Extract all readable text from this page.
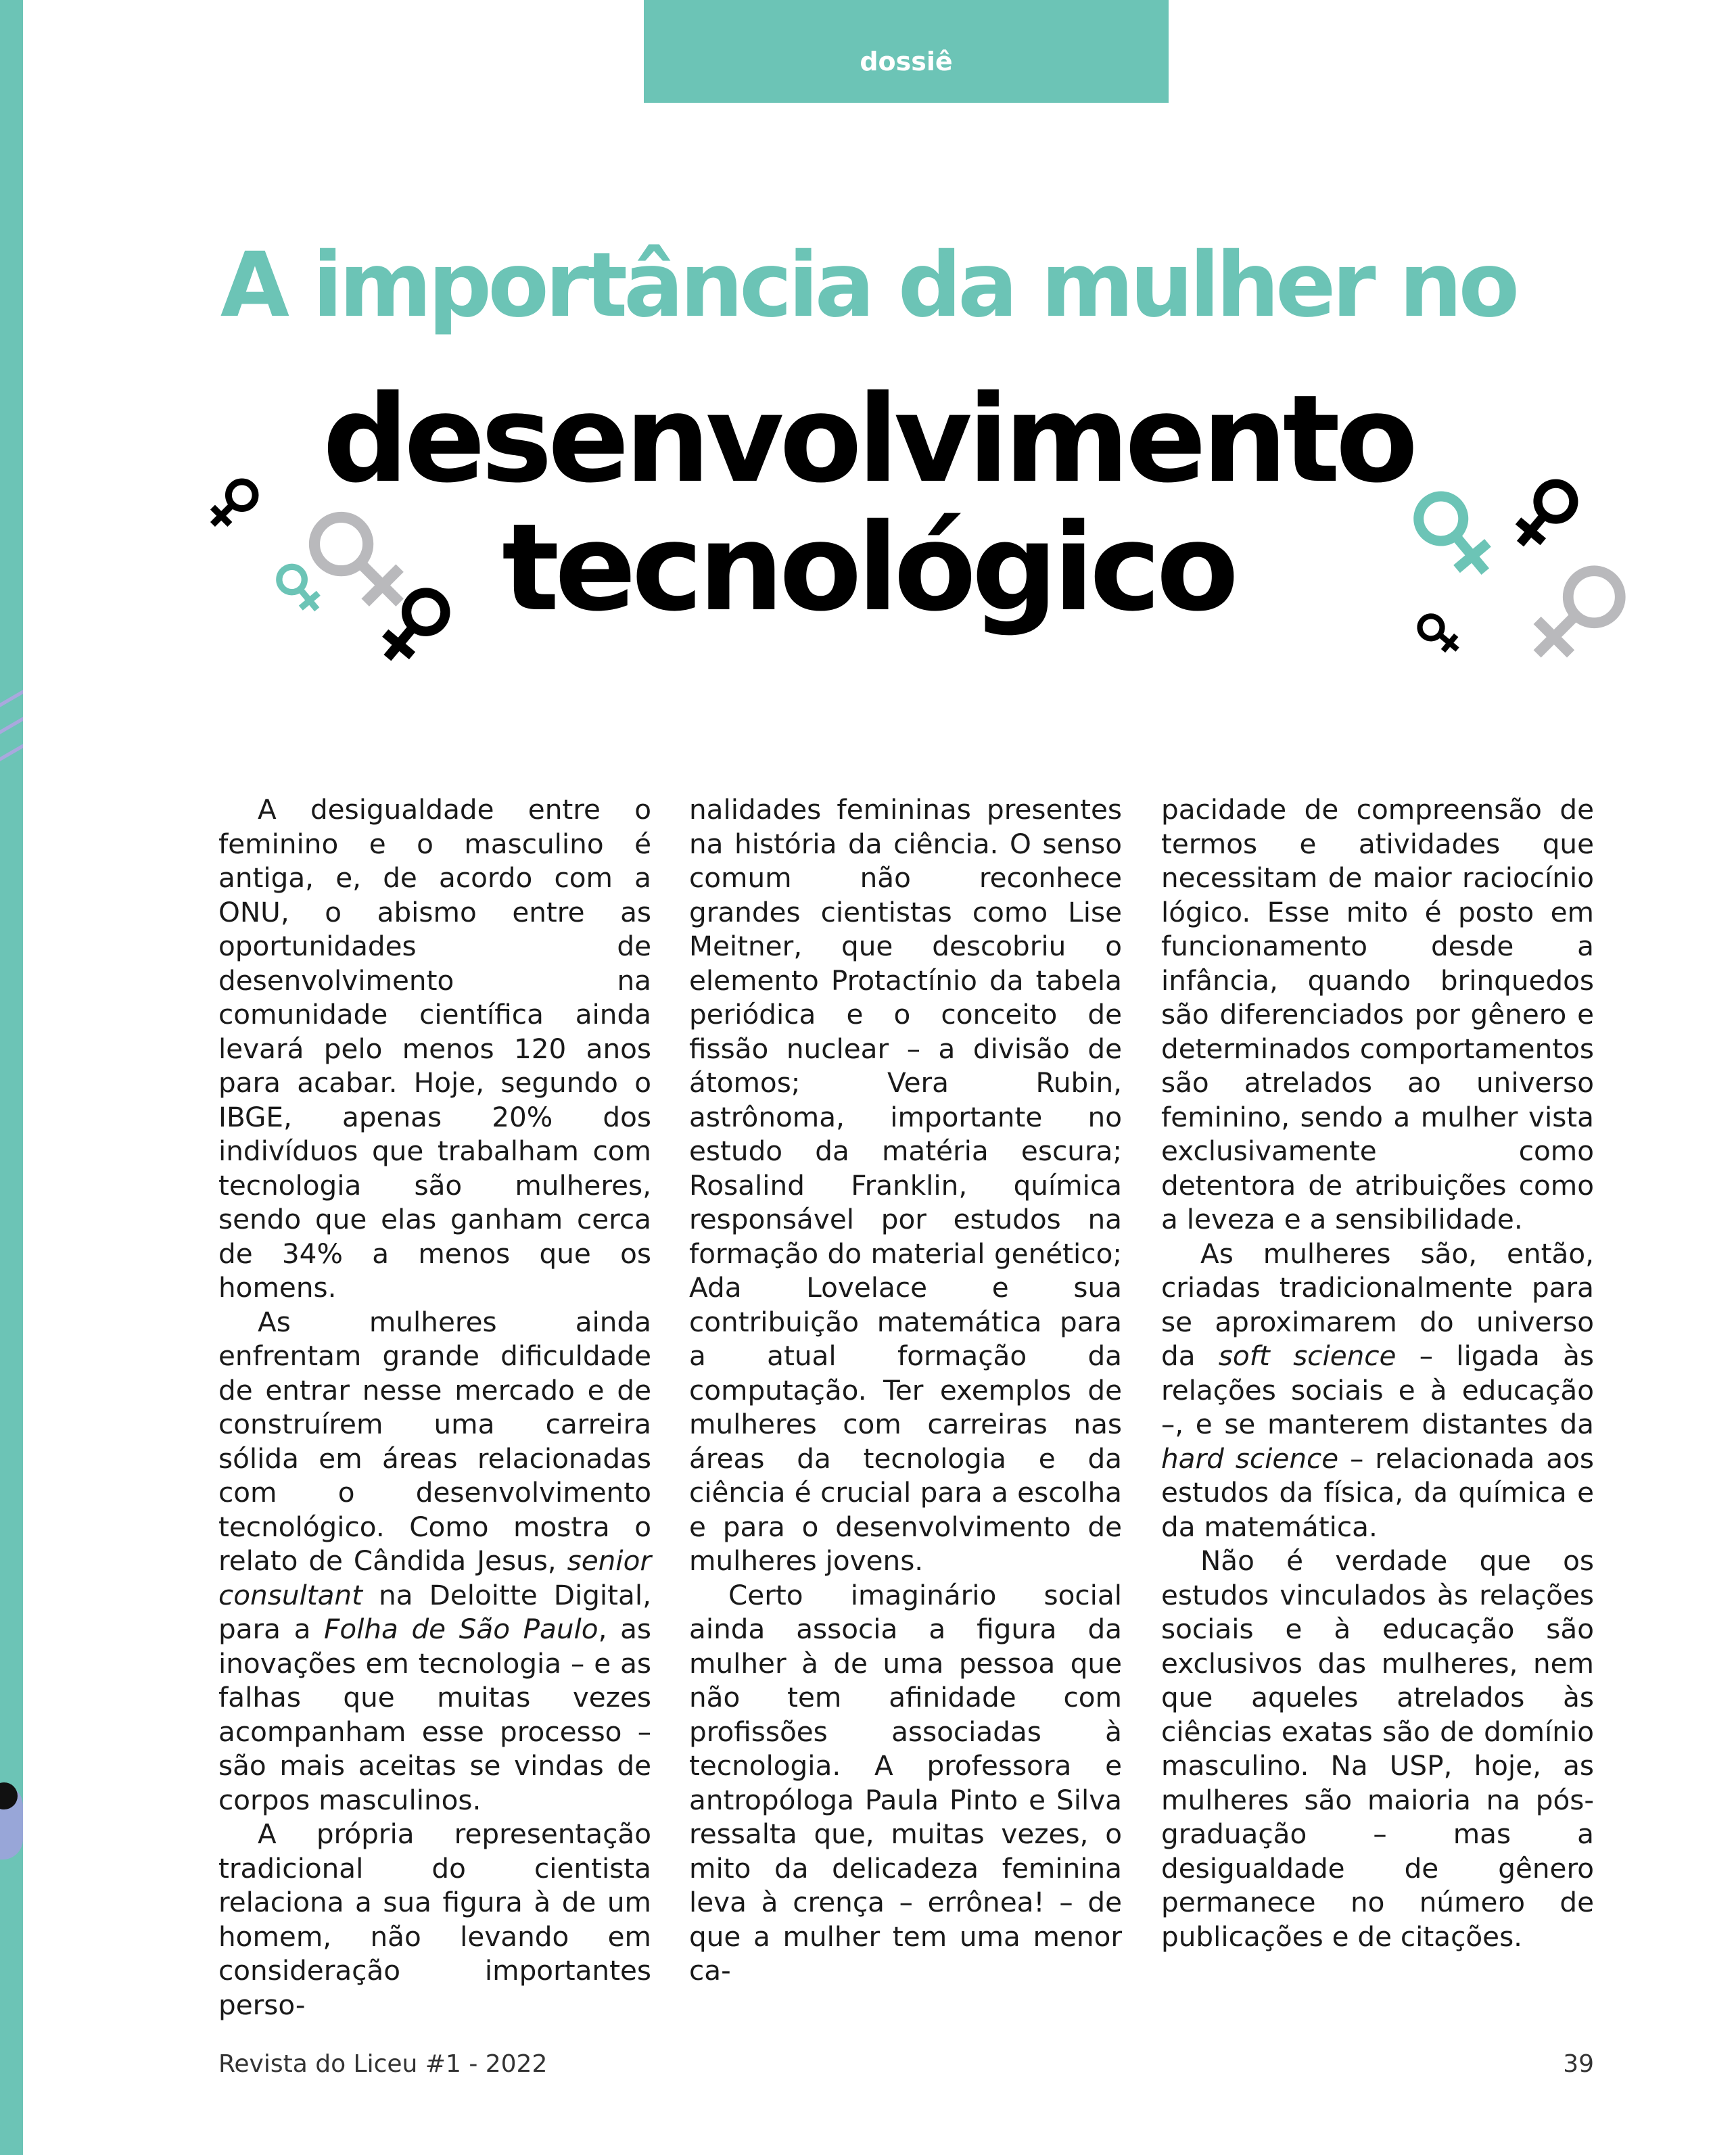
dossiê
A importância da mulher no
desenvolvimento
tecnológico

A desigualdade entre o feminino e o masculino é antiga, e, de acordo com a ONU, o abismo entre as oportunidades de desenvolvimento na comunidade científica ainda levará pelo menos 120 anos para acabar. Hoje, segundo o IBGE, apenas 20% dos indivíduos que trabalham com tecnologia são mulheres, sendo que elas ganham cerca de 34% a menos que os homens.

As mulheres ainda enfrentam grande dificuldade de entrar nesse mercado e de construírem uma carreira sólida em áreas relacionadas com o desenvolvimento tecnológico. Como mostra o relato de Cândida Jesus, senior consultant na Deloitte Digital, para a Folha de São Paulo, as inovações em tecnologia – e as falhas que muitas vezes acompanham esse processo – são mais aceitas se vindas de corpos masculinos.

A própria representação tradicional do cientista relaciona a sua figura à de um homem, não levando em consideração importantes perso-

nalidades femininas presentes na história da ciência. O senso comum não reconhece grandes cientistas como Lise Meitner, que descobriu o elemento Protactínio da tabela periódica e o conceito de fissão nuclear – a divisão de átomos; Vera Rubin, astrônoma, importante no estudo da matéria escura; Rosalind Franklin, química responsável por estudos na formação do material genético; Ada Lovelace e sua contribuição matemática para a atual formação da computação. Ter exemplos de mulheres com carreiras nas áreas da tecnologia e da ciência é crucial para a escolha e para o desenvolvimento de mulheres jovens.

Certo imaginário social ainda associa a figura da mulher à de uma pessoa que não tem afinidade com profissões associadas à tecnologia. A professora e antropóloga Paula Pinto e Silva ressalta que, muitas vezes, o mito da delicadeza feminina leva à crença – errônea! – de que a mulher tem uma menor ca-

pacidade de compreensão de termos e atividades que necessitam de maior raciocínio lógico. Esse mito é posto em funcionamento desde a infância, quando brinquedos são diferenciados por gênero e determinados comportamentos são atrelados ao universo feminino, sendo a mulher vista exclusivamente como detentora de atribuições como a leveza e a sensibilidade.

As mulheres são, então, criadas tradicionalmente para se aproximarem do universo da soft science – ligada às relações sociais e à educação –, e se manterem distantes da hard science – relacionada aos estudos da física, da química e da matemática.

Não é verdade que os estudos vinculados às relações sociais e à educação são exclusivos das mulheres, nem que aqueles atrelados às ciências exatas são de domínio masculino. Na USP, hoje, as mulheres são maioria na pós-graduação – mas a desigualdade de gênero permanece no número de publicações e de citações.

Revista do Liceu #1 - 2022	39
